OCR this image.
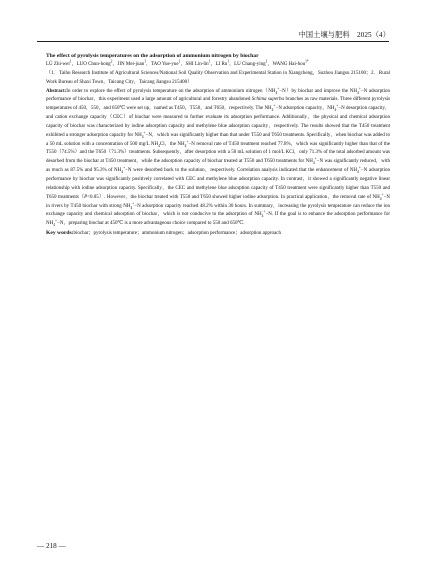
中国土壤与肥料　2025（4）

The effect of pyrolysis temperatures on the adsorption of ammonium nitrogen by biochar

LÜ Zhi-wei$^1$，LUO Chun-hong$^2$，JIN Mei-juan$^1$，TAO Yue-yue$^1$，SHI Lin-lin$^1$，LI Ru$^1$，LU Chang-ying$^1$，WANG Hai-hou$^{1*}$

（1．Taihu Research Institute of Agricultural Sciences/National Soil Quality Observation and Experimental Station in Xiangcheng，Suzhou Jiangsu 215100；2．Rural Work Bureau of Shaxi Town，Taicang City，Taicang Jiangsu 215400）

Abstract:In order to explore the effect of pyrolysis temperature on the adsorption of ammonium $nitrogen(NH_4^+-N)by$ biochar and improve the $NH_4^+-N$ adsorption performance of biochar，this experiment used a large amount of agricultural and forestry abandoned Schima superba branches as raw materials. Three different pyrolysis temperatures of 450，550，and 650℃ were set up，named as T450，T550，and T650，respectively. The $NH_4^+-N$ adsorption capacity，$NH_4^+-N$ desorption capacity，and cation exchange capacity（CEC）of biochar were measured to further evaluate its adsorption performance. Additionally，the physical and chemical adsorption capacity of biochar was characterized by iodine adsorption capacity and methylene blue adsorption capacity，respectively. The results showed that the T450 treatment exhibited a stronger adsorption capacity for $NH_4^+-N$，which was significantly higher than that under T550 and T650 treatments. Specifically，when biochar was added to a 50 mL solution with a concentration of 500 mg/L $NH_4Cl$，the $NH_4^+-N$ removal rate of T450 treatment reached 77.8%，which was significantly higher than that of the T550（74.5%）and the T650（71.3%）treatments. Subsequently，after desorption with a 50 mL solution of 1 mol/L KCl，only 71.3% of the total adsorbed amount was desorbed from the biochar at T450 treatment，while the adsorption capacity of biochar treated at T550 and T650 treatments for $NH_4^+-N$ was significantly reduced，with as much as 87.5% and 95.3% of $NH_4^+-N$ were desorbed back to the solution，respectively. Correlation analysis indicated that the enhancement of $NH_4^+-N$ adsorption performance by biochar was significantly positively correlated with CEC and methylene blue adsorption capacity. In contrast，it showed a significantly negative linear relationship with iodine adsorption capacity. Specifically，the CEC and methylene blue adsorption capacity of T450 treatment were significantly higher than T550 and T650 treatments（P<0.05）. However，the biochar treated with T550 and T650 showed higher iodine adsorption. In practical application，the removal rate of $NH_4^+-N$ in rivers by T450 biochar with strong $NH_4^+-N$ adsorption capacity reached 48.2% within 30 hours. In summary，increasing the pyrolysis temperature can reduce the ion exchange capacity and chemical adsorption of biochar，which is not conducive to the adsorption of $NH_4^+-N$. If the goal is to enhance the adsorption performance for $NH_4^+-N$，preparing biochar at 450℃ is a more advantageous choice compared to 550 and 650℃．

Key words:biochar；pyrolysis temperature；ammonium nitrogen；adsorption performance；adsorption approach

— 218 —
